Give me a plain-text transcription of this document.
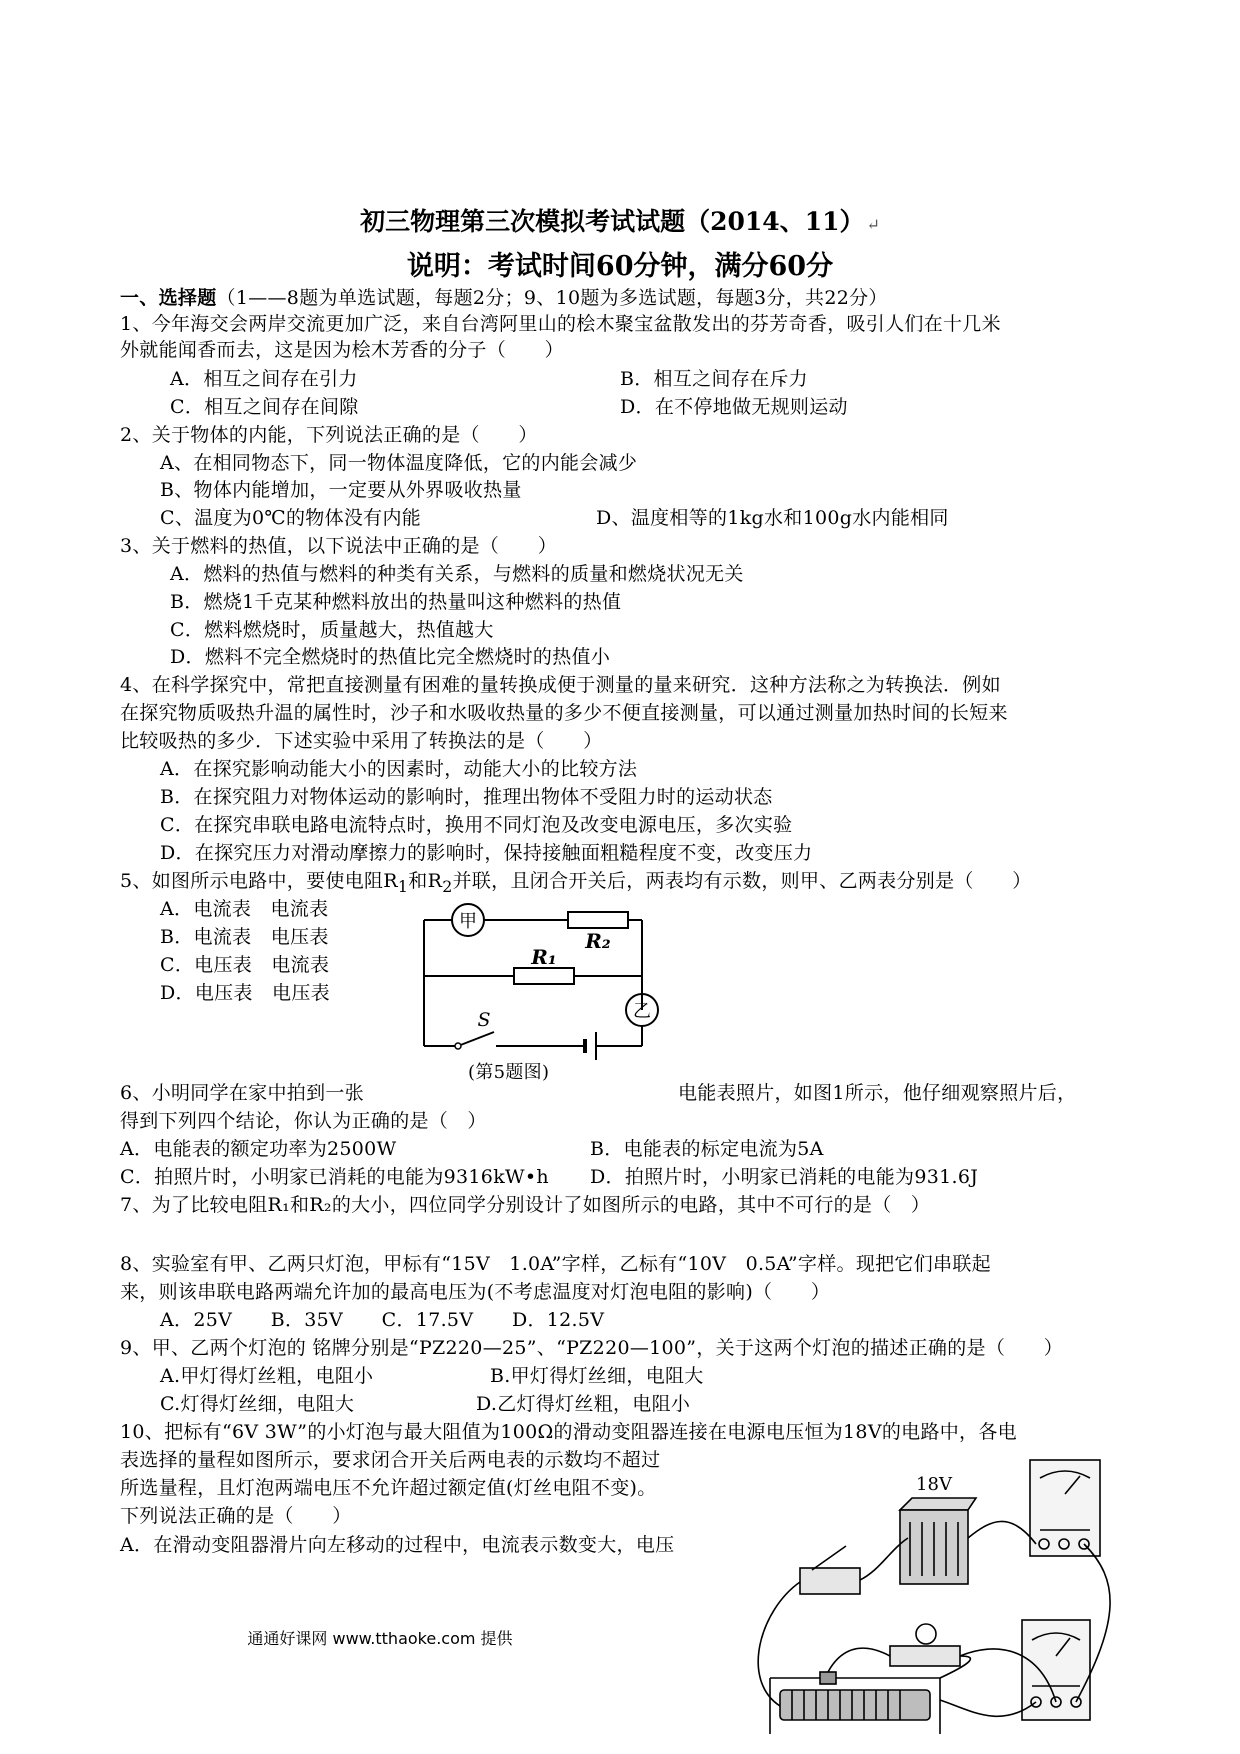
初三物理第三次模拟考试试题（2014、11） ↵
说明：考试时间60分钟，满分60分
一、选择题（1——8题为单选试题，每题2分；9、10题为多选试题，每题3分，共22分）
1、今年海交会两岸交流更加广泛，来自台湾阿里山的桧木聚宝盆散发出的芬芳奇香，吸引人们在十几米
外就能闻香而去，这是因为桧木芳香的分子（　　）
A．相互之间存在引力	B．相互之间存在斥力
C．相互之间存在间隙	D．在不停地做无规则运动
2、关于物体的内能，下列说法正确的是（　　）
A、在相同物态下，同一物体温度降低，它的内能会减少
B、物体内能增加，一定要从外界吸收热量
C、温度为0℃的物体没有内能	D、温度相等的1kg水和100g水内能相同
3、关于燃料的热值，以下说法中正确的是（　　）
A．燃料的热值与燃料的种类有关系，与燃料的质量和燃烧状况无关
B．燃烧1千克某种燃料放出的热量叫这种燃料的热值
C．燃料燃烧时，质量越大，热值越大
D．燃料不完全燃烧时的热值比完全燃烧时的热值小
4、在科学探究中，常把直接测量有困难的量转换成便于测量的量来研究．这种方法称之为转换法．例如
在探究物质吸热升温的属性时，沙子和水吸收热量的多少不便直接测量，可以通过测量加热时间的长短来
比较吸热的多少．下述实验中采用了转换法的是（　　）
A．在探究影响动能大小的因素时，动能大小的比较方法
B．在探究阻力对物体运动的影响时，推理出物体不受阻力时的运动状态
C．在探究串联电路电流特点时，换用不同灯泡及改变电源电压，多次实验
D．在探究压力对滑动摩擦力的影响时，保持接触面粗糙程度不变，改变压力
5、如图所示电路中，要使电阻$R_1$和$R_2$并联，且闭合开关后，两表均有示数，则甲、乙两表分别是（　　）
A．电流表　电流表
B．电流表　电压表
C．电压表　电流表
D．电压表　电压表
甲
乙
R₂
R₁
S
(第5题图)
6、小明同学在家中拍到一张	电能表照片，如图1所示，他仔细观察照片后，
得到下列四个结论，你认为正确的是（　）
A．电能表的额定功率为2500W	B．电能表的标定电流为5A
C．拍照片时，小明家已消耗的电能为9316kW•h D．拍照片时，小明家已消耗的电能为931.6J
7、为了比较电阻R₁和R₂的大小，四位同学分别设计了如图所示的电路，其中不可行的是（　）
8、实验室有甲、乙两只灯泡，甲标有“15V　1.0A”字样，乙标有“10V　0.5A”字样。现把它们串联起
来，则该串联电路两端允许加的最高电压为(不考虑温度对灯泡电阻的影响)（　　）
A．25V　　B．35V　　C．17.5V　　D．12.5V
9、甲、乙两个灯泡的 铭牌分别是“PZ220—25”、“PZ220—100”，关于这两个灯泡的描述正确的是（　　）
A.甲灯得灯丝粗，电阻小	B.甲灯得灯丝细，电阻大
C.灯得灯丝细，电阻大	D.乙灯得灯丝粗，电阻小
10、把标有“6V 3W”的小灯泡与最大阻值为100Ω的滑动变阻器连接在电源电压恒为18V的电路中，各电
表选择的量程如图所示，要求闭合开关后两电表的示数均不超过
所选量程，且灯泡两端电压不允许超过额定值(灯丝电阻不变)。
下列说法正确的是（　　）
A．在滑动变阻器滑片向左移动的过程中，电流表示数变大，电压
18V
通通好课网 www.tthaoke.com 提供
